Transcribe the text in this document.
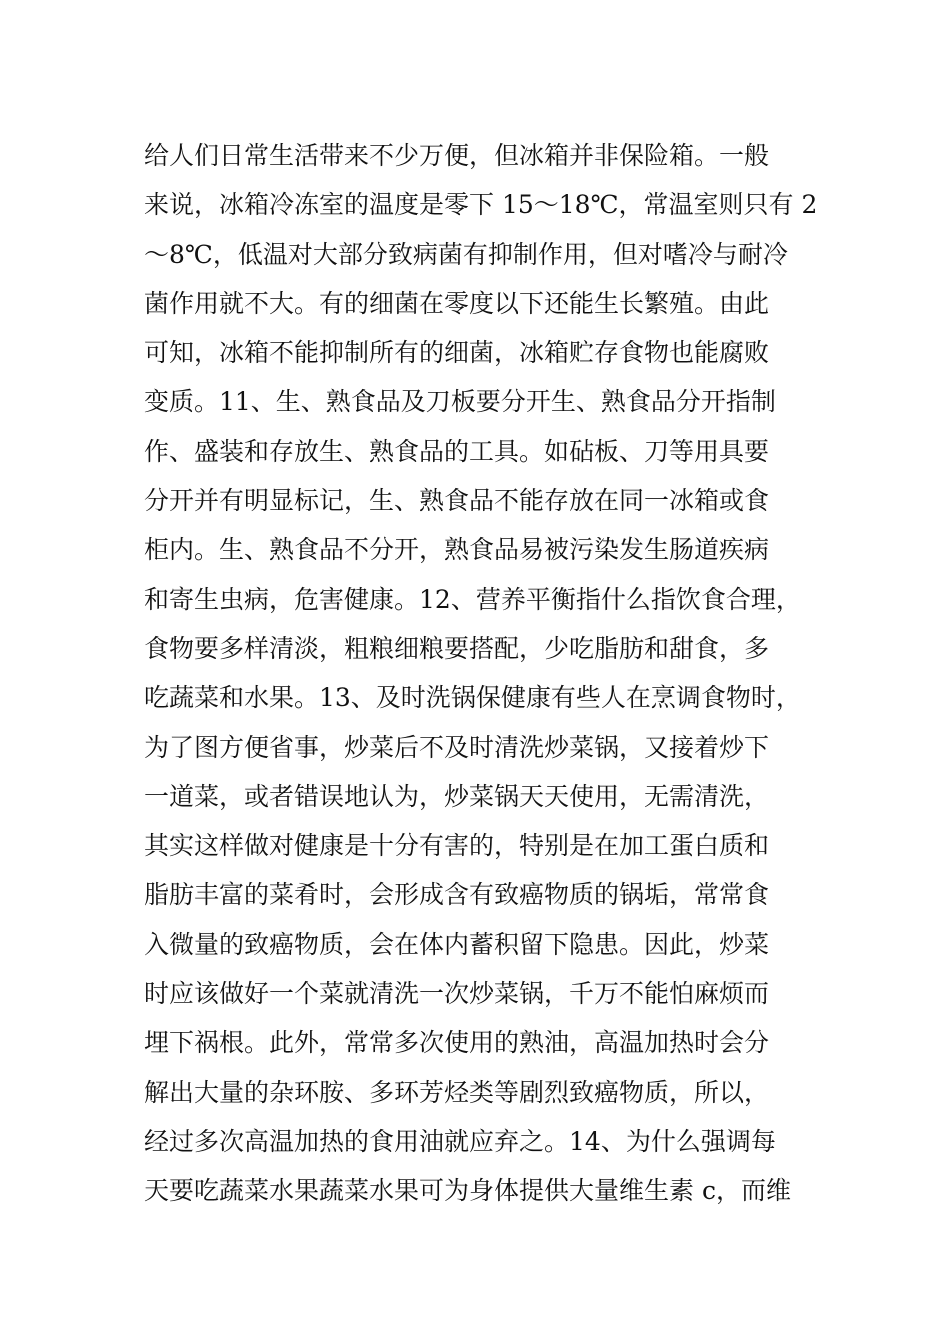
给人们日常生活带来不少万便，但冰箱并非保险箱。一般
来说，冰箱冷冻室的温度是零下 15～18℃，常温室则只有 2
～8℃，低温对大部分致病菌有抑制作用，但对嗜冷与耐冷
菌作用就不大。有的细菌在零度以下还能生长繁殖。由此
可知，冰箱不能抑制所有的细菌，冰箱贮存食物也能腐败
变质。11、生、熟食品及刀板要分开生、熟食品分开指制
作、盛装和存放生、熟食品的工具。如砧板、刀等用具要
分开并有明显标记，生、熟食品不能存放在同一冰箱或食
柜内。生、熟食品不分开，熟食品易被污染发生肠道疾病
和寄生虫病，危害健康。12、营养平衡指什么指饮食合理，
食物要多样清淡，粗粮细粮要搭配，少吃脂肪和甜食，多
吃蔬菜和水果。13、及时洗锅保健康有些人在烹调食物时，
为了图方便省事，炒菜后不及时清洗炒菜锅，又接着炒下
一道菜，或者错误地认为，炒菜锅天天使用，无需清洗，
其实这样做对健康是十分有害的，特别是在加工蛋白质和
脂肪丰富的菜肴时，会形成含有致癌物质的锅垢，常常食
入微量的致癌物质，会在体内蓄积留下隐患。因此，炒菜
时应该做好一个菜就清洗一次炒菜锅，千万不能怕麻烦而
埋下祸根。此外，常常多次使用的熟油，高温加热时会分
解出大量的杂环胺、多环芳烃类等剧烈致癌物质，所以，
经过多次高温加热的食用油就应弃之。14、为什么强调每
天要吃蔬菜水果蔬菜水果可为身体提供大量维生素 c，而维
